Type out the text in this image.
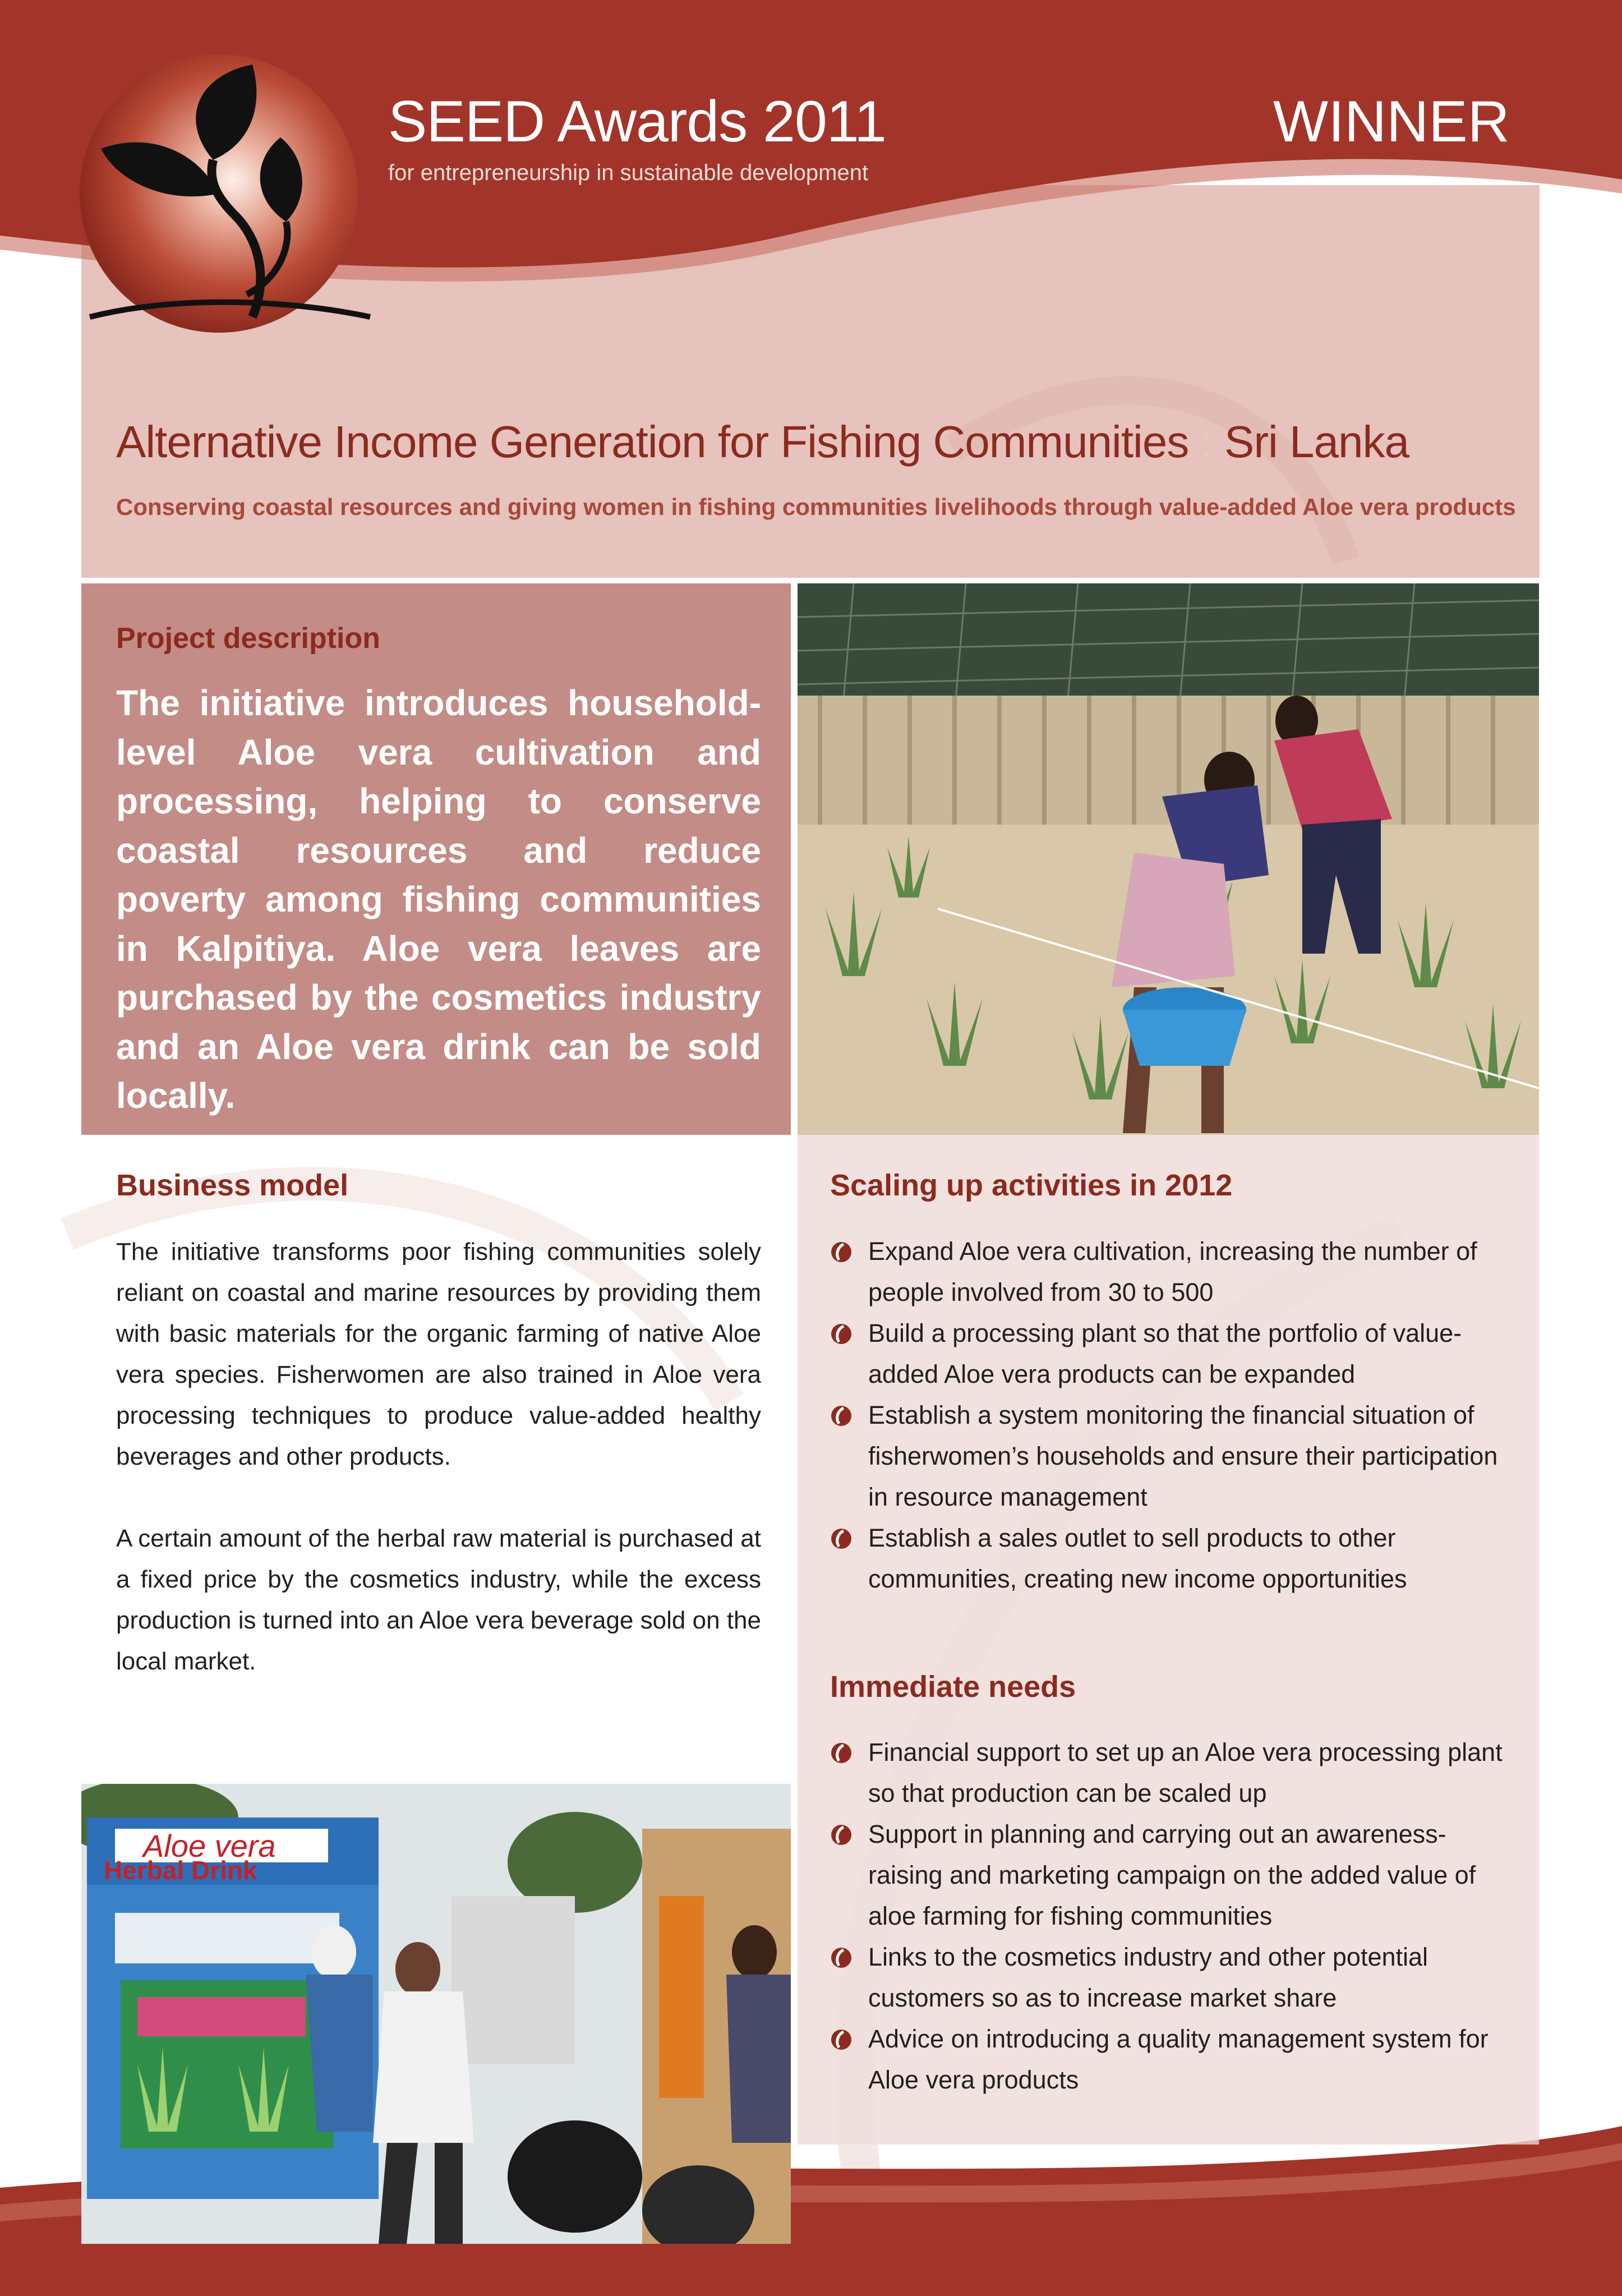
SEED Awards 2011
for entrepreneurship in sustainable development
WINNER
Alternative Income Generation for Fishing Communities : Sri Lanka
Conserving coastal resources and giving women in fishing communities livelihoods through value-added Aloe vera products
Project description
The initiative introduces household-level Aloe vera cultivation and processing, helping to conserve coastal resources and reduce poverty among fishing communities in Kalpitiya. Aloe vera leaves are purchased by the cosmetics industry and an Aloe vera drink can be sold locally.
Business model
The initiative transforms poor fishing communities solely reliant on coastal and marine resources by providing them with basic materials for the organic farming of native Aloe vera species. Fisherwomen are also trained in Aloe vera processing techniques to produce value-added healthy beverages and other products.
A certain amount of the herbal raw material is purchased at a fixed price by the cosmetics industry, while the excess production is turned into an Aloe vera beverage sold on the local market.
Aloe vera
Herbal Drink
Scaling up activities in 2012
Expand Aloe vera cultivation, increasing the number of people involved from 30 to 500
Build a processing plant so that the portfolio of value-added Aloe vera products can be expanded
Establish a system monitoring the financial situation of fisherwomen’s households and ensure their participation in resource management
Establish a sales outlet to sell products to other communities, creating new income opportunities
Immediate needs
Financial support to set up an Aloe vera processing plant so that production can be scaled up
Support in planning and carrying out an awareness-raising and marketing campaign on the added value of aloe farming for fishing communities
Links to the cosmetics industry and other potential customers so as to increase market share
Advice on introducing a quality management system for Aloe vera products
